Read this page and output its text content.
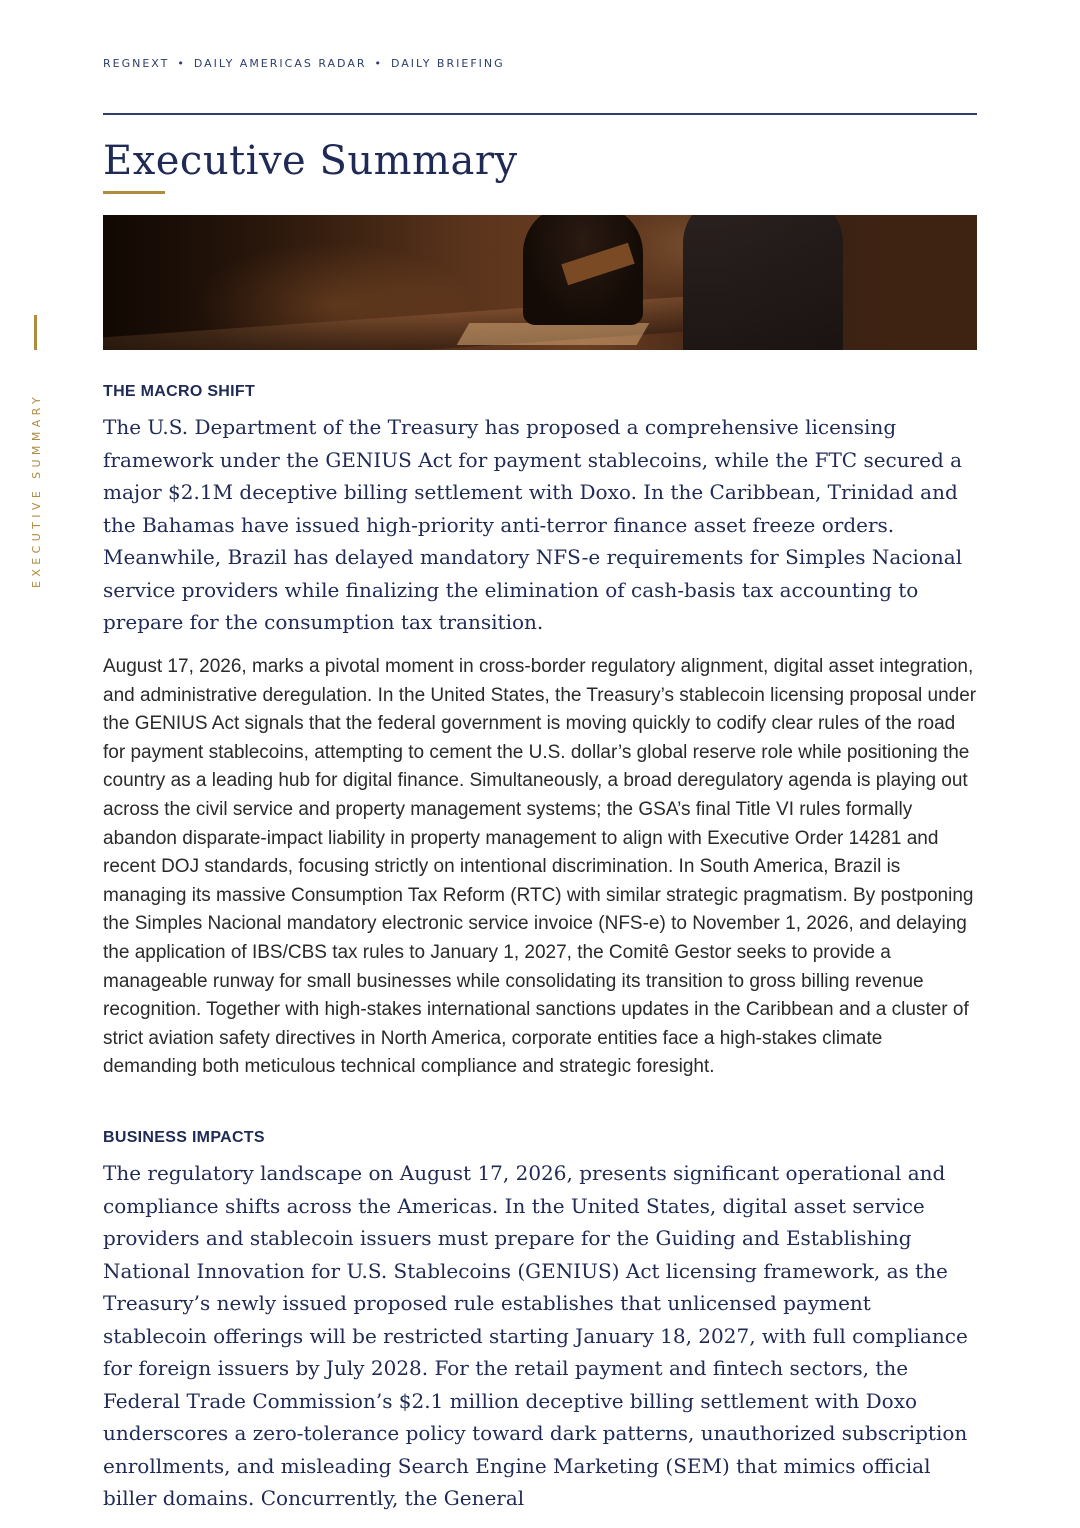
EXECUTIVE SUMMARY
REGNEXT • DAILY AMERICAS RADAR • DAILY BRIEFING
Executive Summary
THE MACRO SHIFT

The U.S. Department of the Treasury has proposed a comprehensive licensing framework under the GENIUS Act for payment stablecoins, while the FTC secured a major $2.1M deceptive billing settlement with Doxo. In the Caribbean, Trinidad and the Bahamas have issued high-priority anti-terror finance asset freeze orders. Meanwhile, Brazil has delayed mandatory NFS-e requirements for Simples Nacional service providers while finalizing the elimination of cash-basis tax accounting to prepare for the consumption tax transition.

August 17, 2026, marks a pivotal moment in cross-border regulatory alignment, digital asset integration, and administrative deregulation. In the United States, the Treasury’s stablecoin licensing proposal under the GENIUS Act signals that the federal government is moving quickly to codify clear rules of the road for payment stablecoins, attempting to cement the U.S. dollar’s global reserve role while positioning the country as a leading hub for digital finance. Simultaneously, a broad deregulatory agenda is playing out across the civil service and property management systems; the GSA’s final Title VI rules formally abandon disparate-impact liability in property management to align with Executive Order 14281 and recent DOJ standards, focusing strictly on intentional discrimination. In South America, Brazil is managing its massive Consumption Tax Reform (RTC) with similar strategic pragmatism. By postponing the Simples Nacional mandatory electronic service invoice (NFS-e) to November 1, 2026, and delaying the application of IBS/CBS tax rules to January 1, 2027, the Comitê Gestor seeks to provide a manageable runway for small businesses while consolidating its transition to gross billing revenue recognition. Together with high-stakes international sanctions updates in the Caribbean and a cluster of strict aviation safety directives in North America, corporate entities face a high-stakes climate demanding both meticulous technical compliance and strategic foresight.

BUSINESS IMPACTS

The regulatory landscape on August 17, 2026, presents significant operational and compliance shifts across the Americas. In the United States, digital asset service providers and stablecoin issuers must prepare for the Guiding and Establishing National Innovation for U.S. Stablecoins (GENIUS) Act licensing framework, as the Treasury’s newly issued proposed rule establishes that unlicensed payment stablecoin offerings will be restricted starting January 18, 2027, with full compliance for foreign issuers by July 2028. For the retail payment and fintech sectors, the Federal Trade Commission’s $2.1 million deceptive billing settlement with Doxo underscores a zero-tolerance policy toward dark patterns, unauthorized subscription enrollments, and misleading Search Engine Marketing (SEM) that mimics official biller domains. Concurrently, the General
